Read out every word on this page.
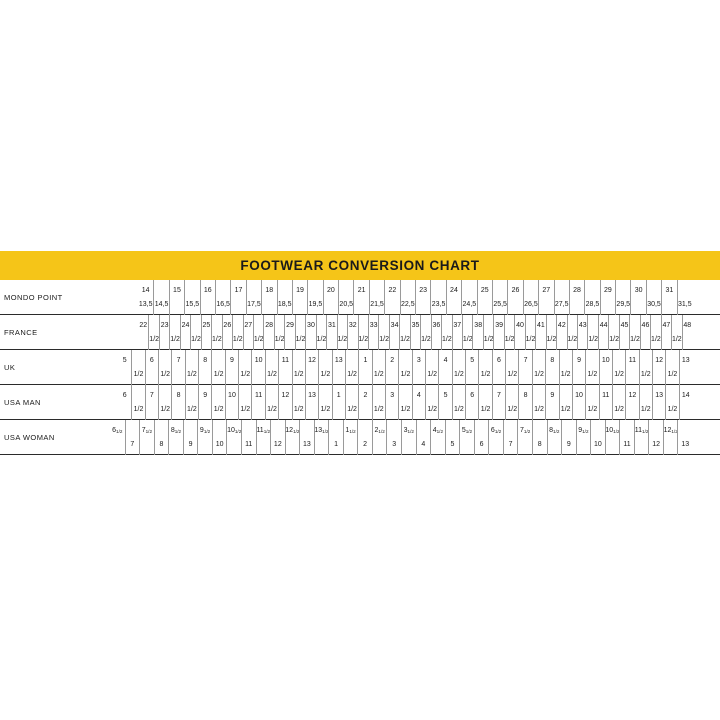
FOOTWEAR CONVERSION CHART
MONDO POINT
14
13,5 14,5
15
15,5
16
16,5
17
17,5
18
18,5
19
19,5
20
20,5
21
21,5
22
22,5
23
23,5
24
24,5
25
25,5
26
26,5
27
27,5
28
28,5
29
29,5
30
30,5
31
31,5
FRANCE
22
1/2
23
1/2
24
1/2
25
1/2
26
1/2
27
1/2
28
1/2
29
1/2
30
1/2
31
1/2
32
1/2
33
1/2
34
1/2
35
1/2
36
1/2
37
1/2
38
1/2
39
1/2
40
1/2
41
1/2
42
1/2
43
1/2
44
1/2
45
1/2
46
1/2
47
1/2
48
UK
5
1/2
6
1/2
7
1/2
8
1/2
9
1/2
10
1/2
11
1/2
12
1/2
13
1/2
1
1/2
2
1/2
3
1/2
4
1/2
5
1/2
6
1/2
7
1/2
8
1/2
9
1/2
10
1/2
11
1/2
12
1/2
13
USA MAN
6
1/2
7
1/2
8
1/2
9
1/2
10
1/2
11
1/2
12
1/2
13
1/2
1
1/2
2
1/2
3
1/2
4
1/2
5
1/2
6
1/2
7
1/2
8
1/2
9
1/2
10
1/2
11
1/2
12
1/2
13
1/2
14
USA WOMAN
6 1/2
7
7 1/2
8
8 1/2
9
9 1/2
10
10 1/2
11
11 1/2
12
12 1/2
13
13 1/2
1
1 1/2
2
2 1/2
3
3 1/2
4
4 1/2
5
5 1/2
6
6 1/2
7
7 1/2
8
8 1/2
9
9 1/2
10
10 1/2
11
11 1/2
12
12 1/2
13
